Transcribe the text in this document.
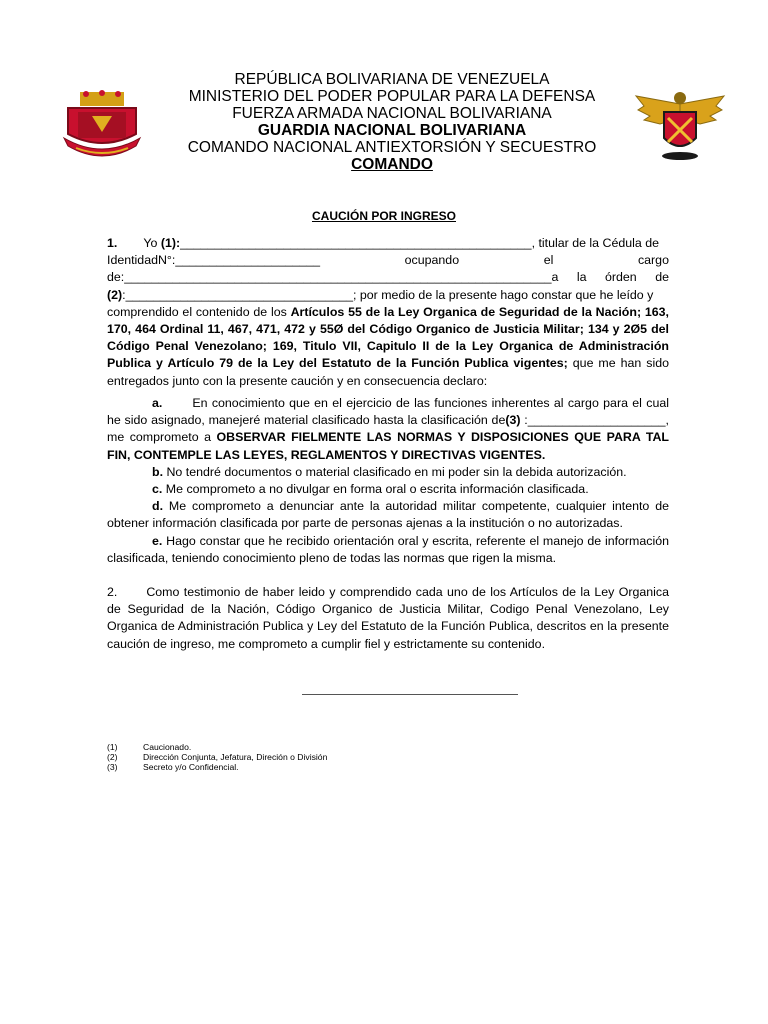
REPÚBLICA BOLIVARIANA DE VENEZUELA
MINISTERIO DEL PODER POPULAR PARA LA DEFENSA
FUERZA ARMADA NACIONAL BOLIVARIANA
GUARDIA NACIONAL BOLIVARIANA
COMANDO NACIONAL ANTIEXTORSIÓN Y SECUESTRO
COMANDO
CAUCIÓN POR INGRESO
1. Yo (1):___________________________________________________, titular de la Cédula de
IdentidadN°:_____________________	ocupando	el	cargo
de:______________________________________________________________a la órden de
(2):_________________________________; por medio de la presente hago constar que he leído y
comprendido el contenido de los Artículos 55 de la Ley Organica de Seguridad de la Nación; 163, 170, 464 Ordinal 11, 467, 471, 472 y 55Ø del Código Organico de Justicia Militar; 134 y 2Ø5 del Código Penal Venezolano; 169, Titulo VII, Capitulo II de la Ley Organica de Administración Publica y Artículo 79 de la Ley del Estatuto de la Función Publica vigentes; que me han sido entregados junto con la presente caución y en consecuencia declaro:
a. En conocimiento que en el ejercicio de las funciones inherentes al cargo para el cual he sido asignado, manejeré material clasificado hasta la clasificación de(3) :____________________, me comprometo a OBSERVAR FIELMENTE LAS NORMAS Y DISPOSICIONES QUE PARA TAL FIN, CONTEMPLE LAS LEYES, REGLAMENTOS Y DIRECTIVAS VIGENTES.
b. No tendré documentos o material clasificado en mi poder sin la debida autorización.
c. Me comprometo a no divulgar en forma oral o escrita información clasificada.
d. Me comprometo a denunciar ante la autoridad militar competente, cualquier intento de obtener información clasificada por parte de personas ajenas a la institución o no autorizadas.
e. Hago constar que he recibido orientación oral y escrita, referente el manejo de información clasificada, teniendo conocimiento pleno de todas las normas que rigen la misma.
2. Como testimonio de haber leido y comprendido cada uno de los Artículos de la Ley Organica de Seguridad de la Nación, Código Organico de Justicia Militar, Codigo Penal Venezolano, Ley Organica de Administración Publica y Ley del Estatuto de la Función Publica, descritos en la presente caución de ingreso, me comprometo a cumplir fiel y estrictamente su contenido.
(1)	Caucionado.
(2)	Dirección Conjunta, Jefatura, Direción o División
(3)	Secreto y/o Confidencial.
